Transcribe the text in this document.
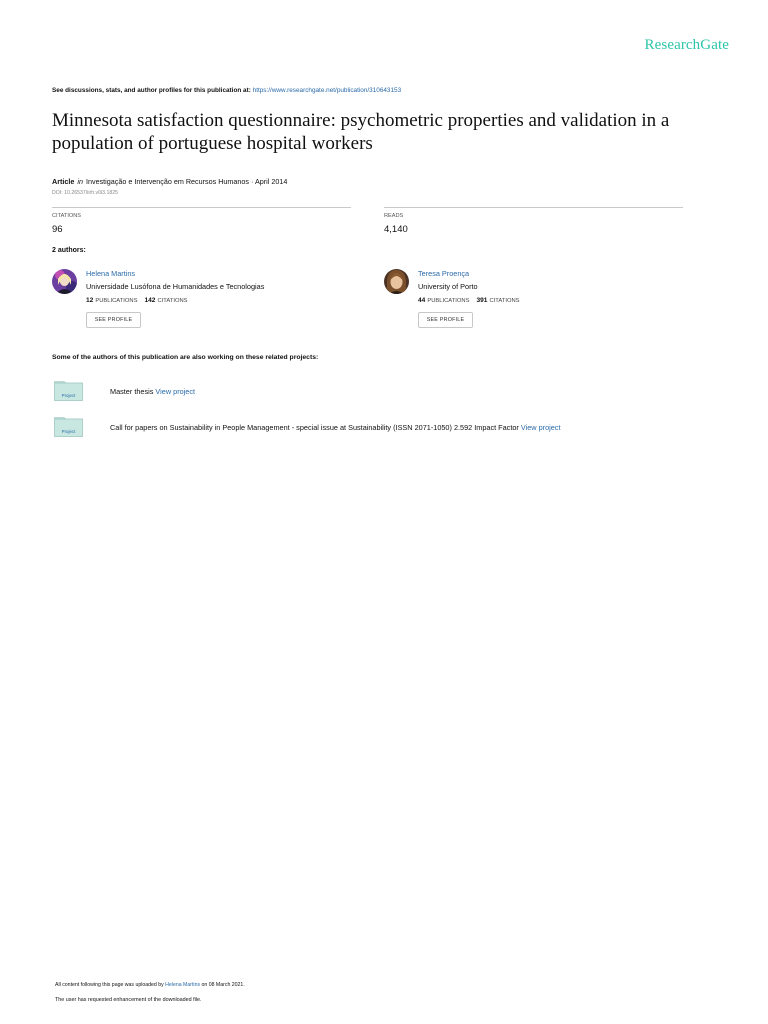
ResearchGate
See discussions, stats, and author profiles for this publication at: https://www.researchgate.net/publication/310643153
Minnesota satisfaction questionnaire: psychometric properties and validation in a population of portuguese hospital workers
Article in Investigação e Intervenção em Recursos Humanos · April 2014
DOI: 10.26537/iirh.v0i3.1825
CITATIONS
96
READS
4,140
2 authors:
Helena Martins
Universidade Lusófona de Humanidades e Tecnologias
12 PUBLICATIONS 142 CITATIONS
SEE PROFILE
Teresa Proença
University of Porto
44 PUBLICATIONS 391 CITATIONS
SEE PROFILE
Some of the authors of this publication are also working on these related projects:
Project	Master thesis View project
Project	Call for papers on Sustainability in People Management - special issue at Sustainability (ISSN 2071-1050) 2.592 Impact Factor View project
All content following this page was uploaded by Helena Martins on 08 March 2021.
The user has requested enhancement of the downloaded file.
